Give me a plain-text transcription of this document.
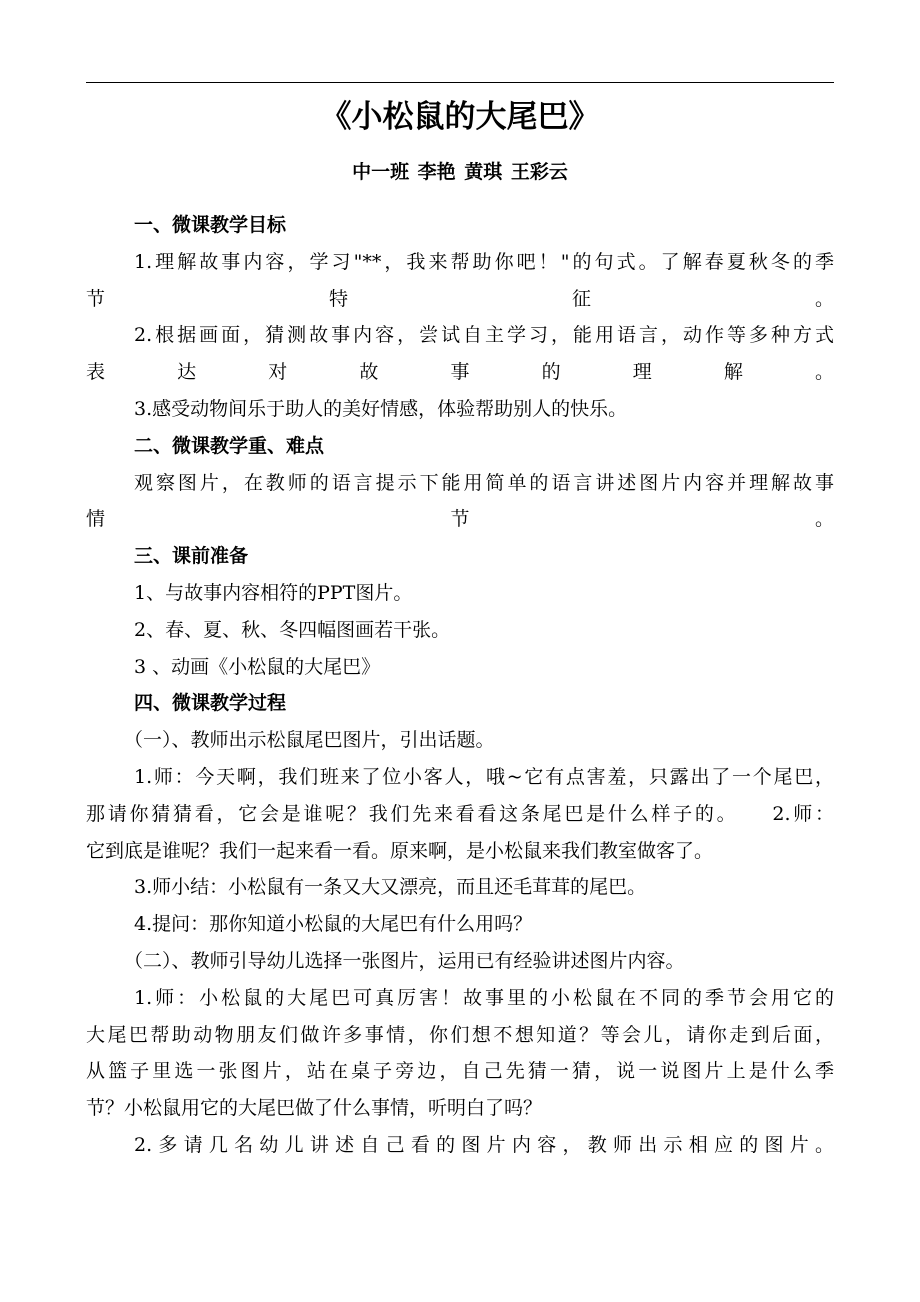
《小松鼠的大尾巴》
中一班 李艳 黄琪 王彩云
一、微课教学目标
1.理解故事内容，学习"**，我来帮助你吧！"的句式。了解春夏秋冬的季
节特征。
2.根据画面，猜测故事内容，尝试自主学习，能用语言，动作等多种方式
表达对故事的理解。
3.感受动物间乐于助人的美好情感，体验帮助别人的快乐。
二、微课教学重、难点
观察图片，在教师的语言提示下能用简单的语言讲述图片内容并理解故事
情节。
三、课前准备
1、与故事内容相符的PPT图片。
2、春、夏、秋、冬四幅图画若干张。
3 、动画《小松鼠的大尾巴》
四、微课教学过程
（一）、教师出示松鼠尾巴图片，引出话题。
1.师：今天啊，我们班来了位小客人，哦~它有点害羞，只露出了一个尾巴，
那请你猜猜看，它会是谁呢？我们先来看看这条尾巴是什么样子的。　　2.师：
它到底是谁呢？我们一起来看一看。原来啊，是小松鼠来我们教室做客了。
3.师小结：小松鼠有一条又大又漂亮，而且还毛茸茸的尾巴。
4.提问：那你知道小松鼠的大尾巴有什么用吗？
（二）、教师引导幼儿选择一张图片，运用已有经验讲述图片内容。
1.师：小松鼠的大尾巴可真厉害！故事里的小松鼠在不同的季节会用它的
大尾巴帮助动物朋友们做许多事情，你们想不想知道？等会儿，请你走到后面，
从篮子里选一张图片，站在桌子旁边，自己先猜一猜，说一说图片上是什么季
节？小松鼠用它的大尾巴做了什么事情，听明白了吗？
2.多请几名幼儿讲述自己看的图片内容，教师出示相应的图片。
